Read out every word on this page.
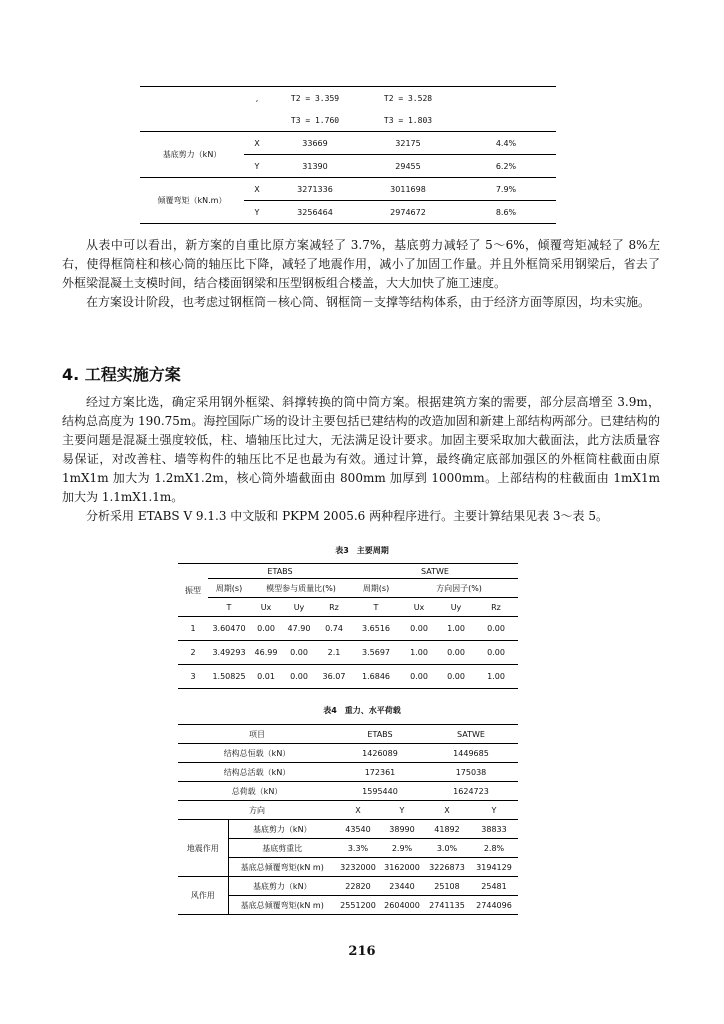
	,	T2 = 3.359	T2 = 3.528	
		T3 = 1.760	T3 = 1.803	
基底剪力（kN）	X	33669	32175	4.4%
	Y	31390	29455	6.2%
倾覆弯矩（kN.m）	X	3271336	3011698	7.9%
	Y	3256464	2974672	8.6%

从表中可以看出，新方案的自重比原方案减轻了 3.7%，基底剪力减轻了 5～6%，倾覆弯矩减轻了 8%左右，使得框筒柱和核心筒的轴压比下降，减轻了地震作用，减小了加固工作量。并且外框筒采用钢梁后，省去了外框梁混凝土支模时间，结合楼面钢梁和压型钢板组合楼盖，大大加快了施工速度。

在方案设计阶段，也考虑过钢框筒－核心筒、钢框筒－支撑等结构体系，由于经济方面等原因，均未实施。

4. 工程实施方案

经过方案比选，确定采用钢外框梁、斜撑转换的筒中筒方案。根据建筑方案的需要，部分层高增至 3.9m，结构总高度为 190.75m。海控国际广场的设计主要包括已建结构的改造加固和新建上部结构两部分。已建结构的主要问题是混凝土强度较低，柱、墙轴压比过大，无法满足设计要求。加固主要采取加大截面法，此方法质量容易保证，对改善柱、墙等构件的轴压比不足也最为有效。通过计算，最终确定底部加强区的外框筒柱截面由原 1mX1m 加大为 1.2mX1.2m，核心筒外墙截面由 800mm 加厚到 1000mm。上部结构的柱截面由 1mX1m 加大为 1.1mX1.1m。

分析采用 ETABS V 9.1.3 中文版和 PKPM 2005.6 两种程序进行。主要计算结果见表 3～表 5。

表3　主要周期
振型	ETABS				SATWE			
	周期(s)	模型参与质量比(%)			周期(s)	方向因子(%)		
	T	Ux	Uy	Rz	T	Ux	Uy	Rz
1	3.60470	0.00	47.90	0.74	3.6516	0.00	1.00	0.00
2	3.49293	46.99	0.00	2.1	3.5697	1.00	0.00	0.00
3	1.50825	0.01	0.00	36.07	1.6846	0.00	0.00	1.00
表4　重力、水平荷载
项目		ETABS		SATWE	
结构总恒载（kN）		1426089		1449685	
结构总活载（kN）		172361		175038	
总荷载（kN）		1595440		1624723	
方向		X	Y	X	Y
地震作用	基底剪力（kN）	43540	38990	41892	38833
	基底剪重比	3.3%	2.9%	3.0%	2.8%
	基底总倾覆弯矩(kN m)	3232000	3162000	3226873	3194129
风作用	基底剪力（kN）	22820	23440	25108	25481
	基底总倾覆弯矩(kN m)	2551200	2604000	2741135	2744096
216
